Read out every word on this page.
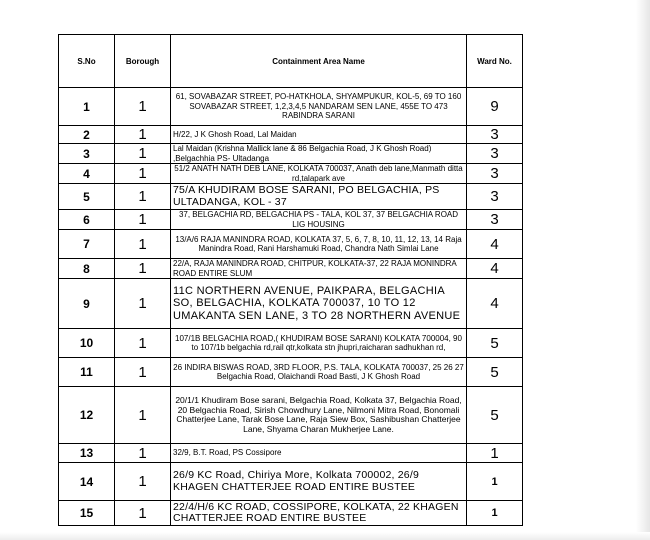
S.No	Borough	Containment Area Name	Ward No.
1	1	61, SOVABAZAR STREET, PO-HATKHOLA, SHYAMPUKUR, KOL-5, 69 TO 160 SOVABAZAR STREET, 1,2,3,4,5 NANDARAM SEN LANE, 455E TO 473 RABINDRA SARANI	9
2	1	H/22, J K Ghosh Road, Lal Maidan	3
3	1	Lal Maidan (Krishna Mallick lane & 86 Belgachia Road, J K Ghosh Road) ,Belgachhia PS- Ultadanga	3
4	1	51/2 ANATH NATH DEB LANE, KOLKATA 700037, Anath deb lane,Manmath ditta rd,talapark ave	3
5	1	75/A KHUDIRAM BOSE SARANI, PO BELGACHIA, PS ULTADANGA, KOL - 37	3
6	1	37, BELGACHIA RD, BELGACHIA PS - TALA, KOL 37, 37 BELGACHIA ROAD LIG HOUSING	3
7	1	13/A/6 RAJA MANINDRA ROAD, KOLKATA 37, 5, 6, 7, 8, 10, 11, 12, 13, 14 Raja Manindra Road, Rani Harshamuki Road, Chandra Nath Simlai Lane	4
8	1	22/A, RAJA MANINDRA ROAD, CHITPUR, KOLKATA-37, 22 RAJA MONINDRA ROAD ENTIRE SLUM	4
9	1	11C NORTHERN AVENUE, PAIKPARA, BELGACHIA SO, BELGACHIA, KOLKATA 700037, 10 TO 12 UMAKANTA SEN LANE, 3 TO 28 NORTHERN AVENUE	4
10	1	107/1B BELGACHIA ROAD,( KHUDIRAM BOSE SARANI) KOLKATA 700004, 90 to 107/1b belgachia rd,rail qtr,kolkata stn jhupri,raicharan sadhukhan rd,	5
11	1	26 INDIRA BISWAS ROAD, 3RD FLOOR, P.S. TALA, KOLKATA 700037, 25 26 27 Belgachia Road, Olaichandi Road Basti, J K Ghosh Road	5
12	1	20/1/1 Khudiram Bose sarani, Belgachia Road, Kolkata 37, Belgachia Road, 20 Belgachia Road, Sirish Chowdhury Lane, Nilmoni Mitra Road, Bonomali Chatterjee Lane, Tarak Bose Lane, Raja Siew Box, Sashibushan Chatterjee Lane, Shyama Charan Mukherjee Lane.	5
13	1	32/9, B.T. Road, PS Cossipore	1
14	1	26/9 KC Road, Chiriya More, Kolkata 700002, 26/9 KHAGEN CHATTERJEE ROAD ENTIRE BUSTEE	1
15	1	22/4/H/6 KC ROAD, COSSIPORE, KOLKATA, 22 KHAGEN CHATTERJEE ROAD ENTIRE BUSTEE	1
